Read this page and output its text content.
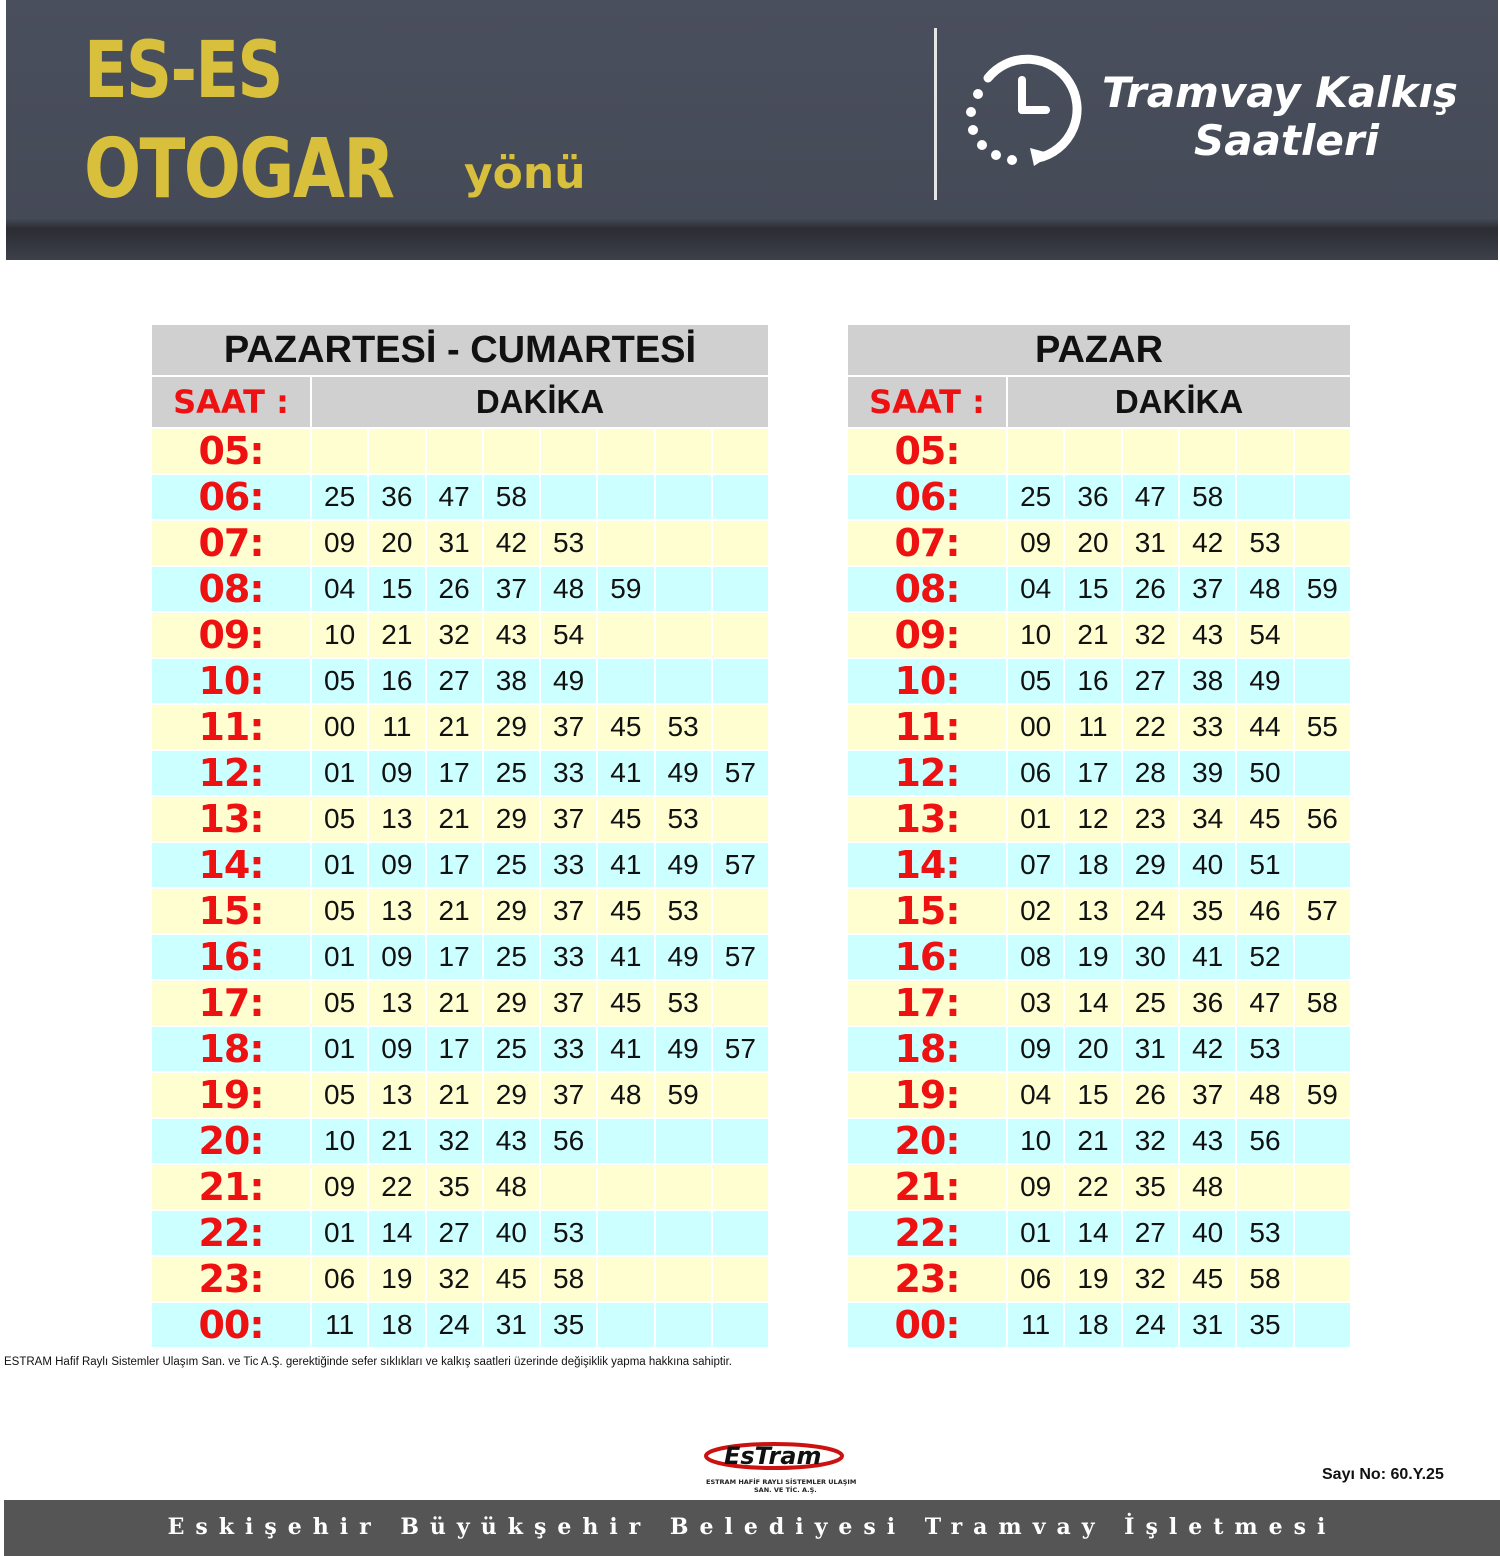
ES-ES
OTOGAR yönü
Tramvay Kalkış
Saatleri
PAZARTESİ - CUMARTESİ								
SAAT :	DAKİKA							
05:								
06:	25	36	47	58				
07:	09	20	31	42	53			
08:	04	15	26	37	48	59		
09:	10	21	32	43	54			
10:	05	16	27	38	49			
11:	00	11	21	29	37	45	53	
12:	01	09	17	25	33	41	49	57
13:	05	13	21	29	37	45	53	
14:	01	09	17	25	33	41	49	57
15:	05	13	21	29	37	45	53	
16:	01	09	17	25	33	41	49	57
17:	05	13	21	29	37	45	53	
18:	01	09	17	25	33	41	49	57
19:	05	13	21	29	37	48	59	
20:	10	21	32	43	56			
21:	09	22	35	48				
22:	01	14	27	40	53			
23:	06	19	32	45	58			
00:	11	18	24	31	35			
PAZAR						
SAAT :	DAKİKA					
05:						
06:	25	36	47	58		
07:	09	20	31	42	53	
08:	04	15	26	37	48	59
09:	10	21	32	43	54	
10:	05	16	27	38	49	
11:	00	11	22	33	44	55
12:	06	17	28	39	50	
13:	01	12	23	34	45	56
14:	07	18	29	40	51	
15:	02	13	24	35	46	57
16:	08	19	30	41	52	
17:	03	14	25	36	47	58
18:	09	20	31	42	53	
19:	04	15	26	37	48	59
20:	10	21	32	43	56	
21:	09	22	35	48		
22:	01	14	27	40	53	
23:	06	19	32	45	58	
00:	11	18	24	31	35	
ESTRAM Hafif Raylı Sistemler Ulaşım San. ve Tic A.Ş. gerektiğinde sefer sıklıkları ve kalkış saatleri üzerinde değişiklik yapma hakkına sahiptir.
EsTram
ESTRAM HAFİF RAYLI SİSTEMLER ULAŞIM
SAN. VE TİC. A.Ş.
Sayı No: 60.Y.25
Eskişehir Büyükşehir Belediyesi Tramvay İşletmesi
